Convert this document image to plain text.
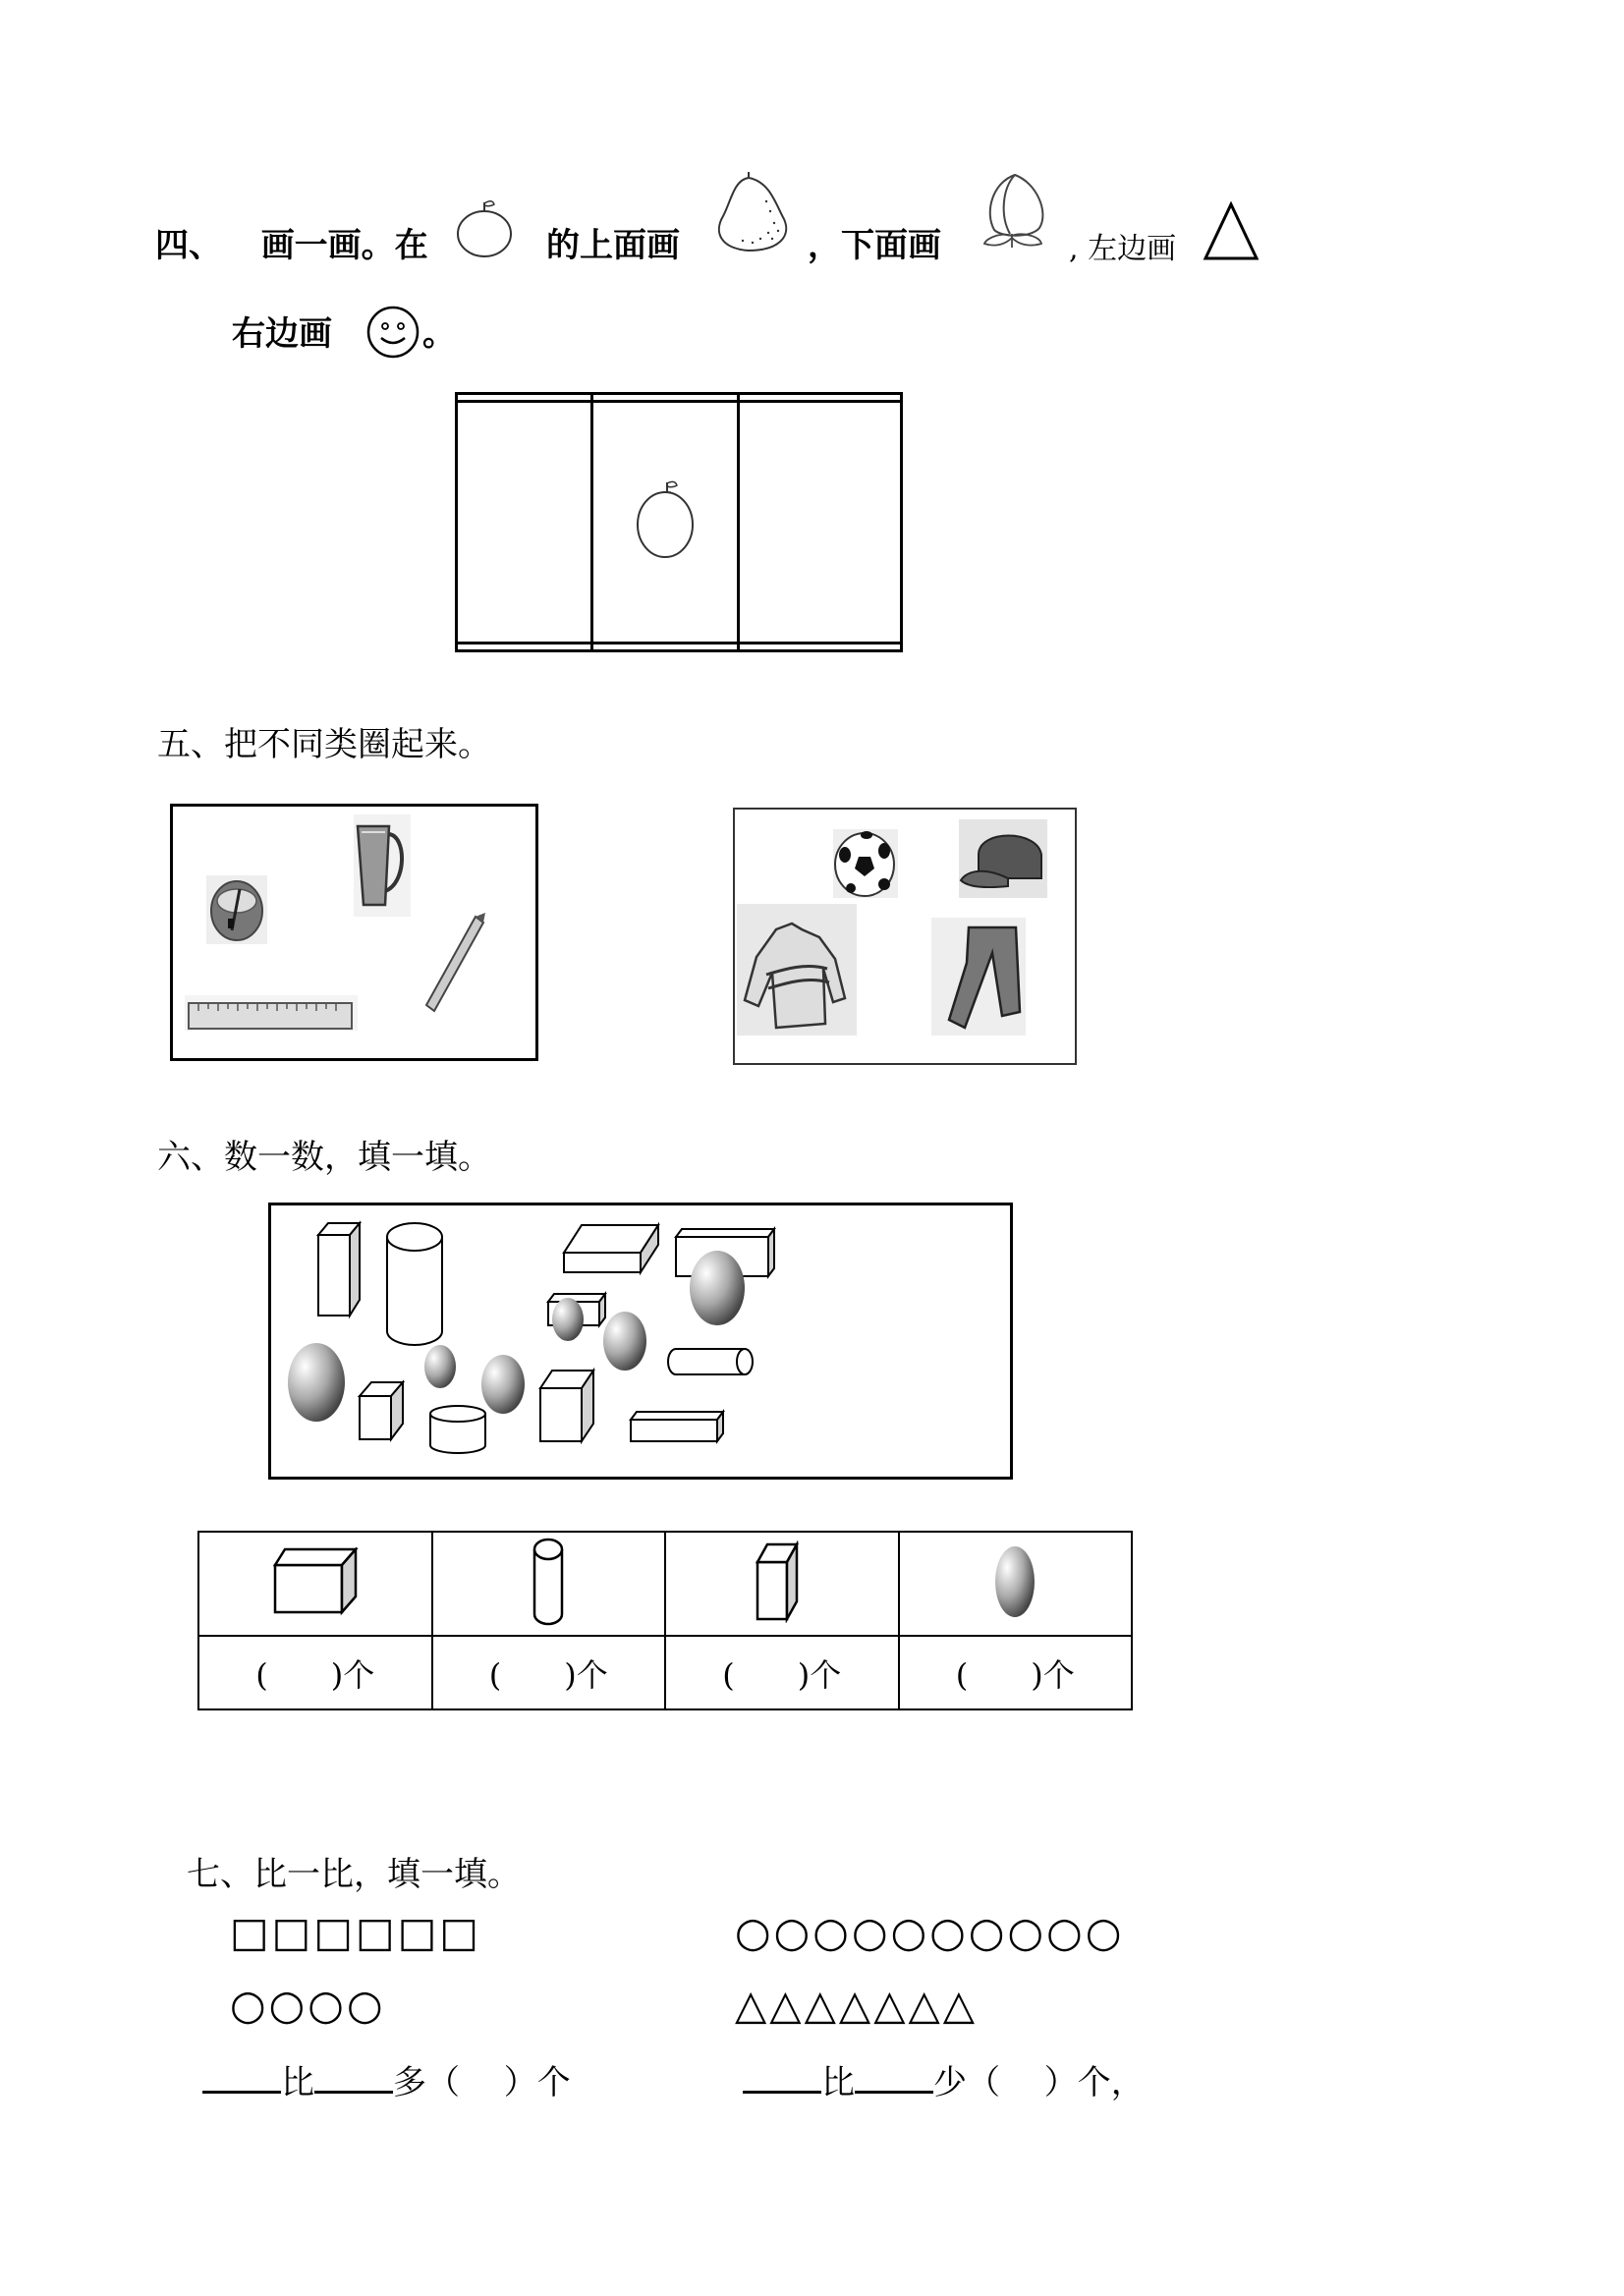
四、 画一画。在	的上面画	，下面画	, 左边画
右边画	。

五、把不同类圈起来。
六、数一数，填一填。

(　　)个	(　　)个	(　　)个	(　　)个
七、比一比，填一填。
□□□□□□
○○○○
比 多（　 ）个
○○○○○○○○○○
△△△△△△△
比 少（　 ）个，
